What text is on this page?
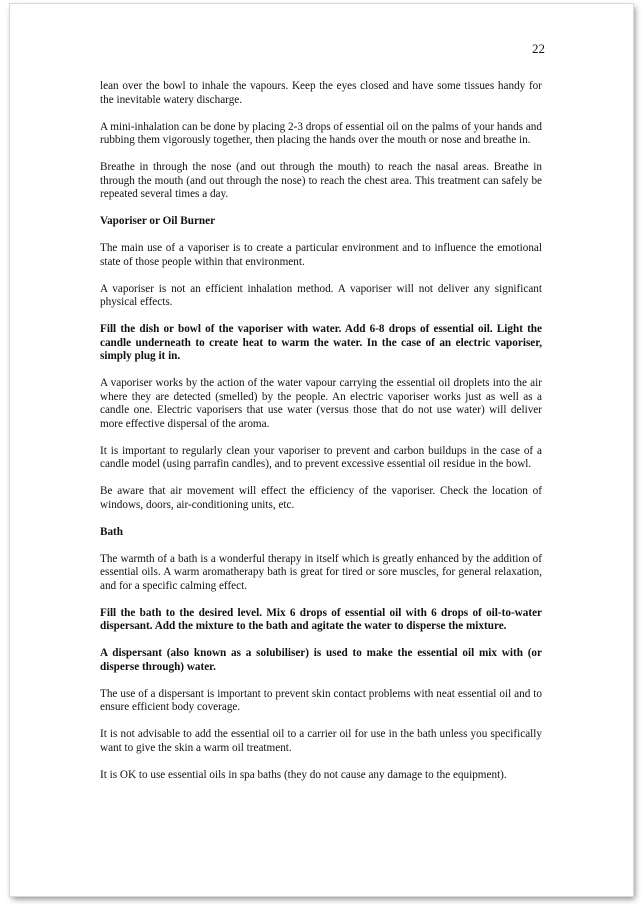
22

lean over the bowl to inhale the vapours. Keep the eyes closed and have some tissues handy for the inevitable watery discharge.

A mini-inhalation can be done by placing 2-3 drops of essential oil on the palms of your hands and rubbing them vigorously together, then placing the hands over the mouth or nose and breathe in.

Breathe in through the nose (and out through the mouth) to reach the nasal areas. Breathe in through the mouth (and out through the nose) to reach the chest area. This treatment can safely be repeated several times a day.

Vaporiser or Oil Burner

The main use of a vaporiser is to create a particular environment and to influence the emotional state of those people within that environment.

A vaporiser is not an efficient inhalation method. A vaporiser will not deliver any significant physical effects.

Fill the dish or bowl of the vaporiser with water. Add 6-8 drops of essential oil. Light the candle underneath to create heat to warm the water. In the case of an electric vaporiser, simply plug it in.

A vaporiser works by the action of the water vapour carrying the essential oil droplets into the air where they are detected (smelled) by the people. An electric vaporiser works just as well as a candle one. Electric vaporisers that use water (versus those that do not use water) will deliver more effective dispersal of the aroma.

It is important to regularly clean your vaporiser to prevent and carbon buildups in the case of a candle model (using parrafin candles), and to prevent excessive essential oil residue in the bowl.

Be aware that air movement will effect the efficiency of the vaporiser. Check the location of windows, doors, air-conditioning units, etc.

Bath

The warmth of a bath is a wonderful therapy in itself which is greatly enhanced by the addition of essential oils. A warm aromatherapy bath is great for tired or sore muscles, for general relaxation, and for a specific calming effect.

Fill the bath to the desired level. Mix 6 drops of essential oil with 6 drops of oil-to-water dispersant. Add the mixture to the bath and agitate the water to disperse the mixture.

A dispersant (also known as a solubiliser) is used to make the essential oil mix with (or disperse through) water.

The use of a dispersant is important to prevent skin contact problems with neat essential oil and to ensure efficient body coverage.

It is not advisable to add the essential oil to a carrier oil for use in the bath unless you specifically want to give the skin a warm oil treatment.

It is OK to use essential oils in spa baths (they do not cause any damage to the equipment).
